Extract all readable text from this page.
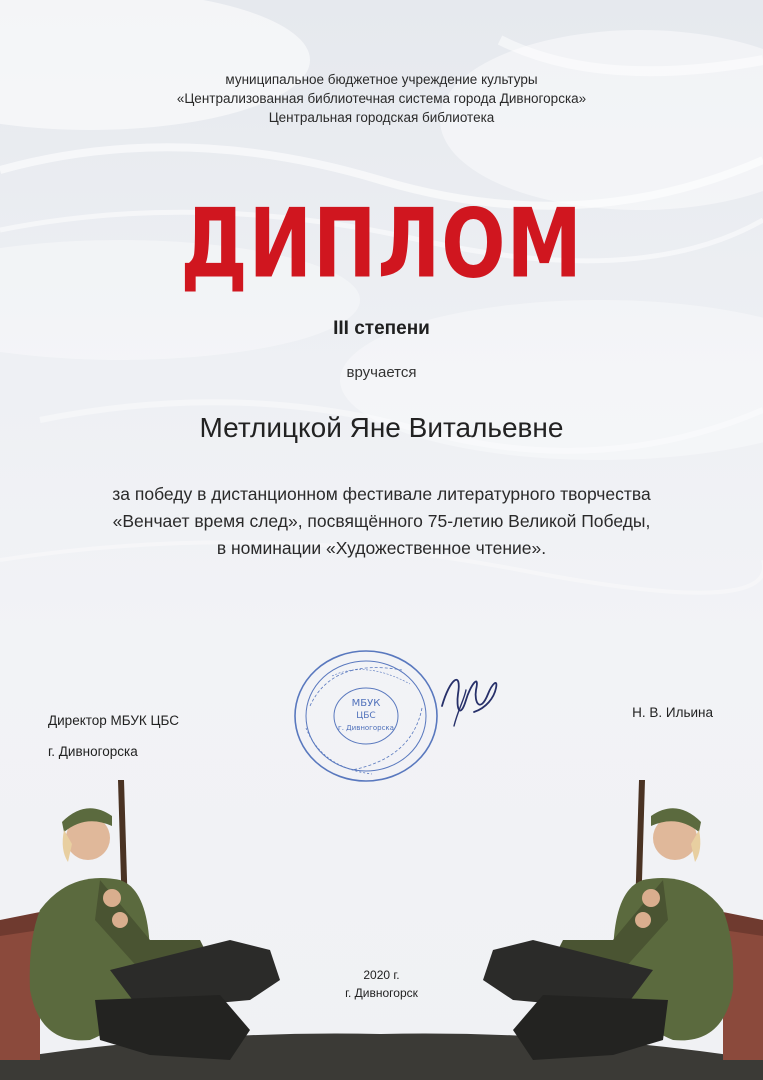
муниципальное бюджетное учреждение культуры
«Централизованная библиотечная система города Дивногорска»
Центральная городская библиотека
ДИПЛОМ
III степени
вручается
Метлицкой Яне Витальевне
за победу в дистанционном фестивале литературного творчества
«Венчает время след», посвящённого 75-летию Великой Победы,
в номинации «Художественное чтение».
Директор МБУК ЦБС
г. Дивногорска
Н. В. Ильина
МБУК
ЦБС
г. Дивногорска
2020 г.
г. Дивногорск
